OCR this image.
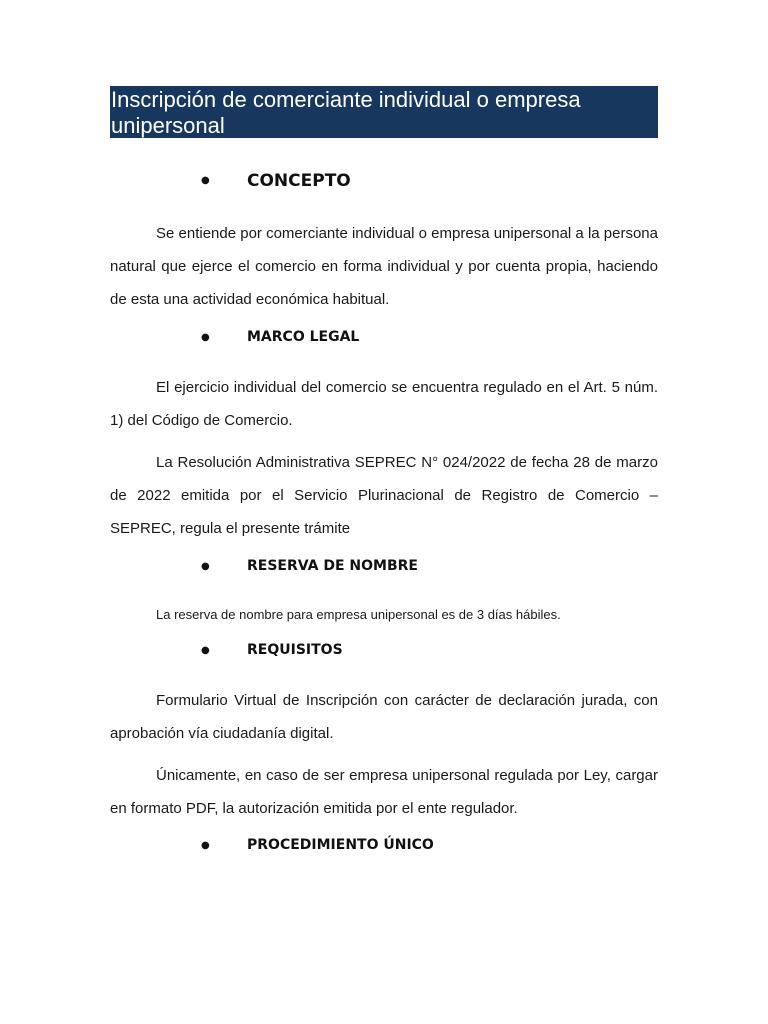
Inscripción de comerciante individual o empresa unipersonal
● CONCEPTO

Se entiende por comerciante individual o empresa unipersonal a la persona natural que ejerce el comercio en forma individual y por cuenta propia, haciendo de esta una actividad económica habitual.

●	MARCO LEGAL

El ejercicio individual del comercio se encuentra regulado en el Art. 5 núm. 1) del Código de Comercio.

La Resolución Administrativa SEPREC N° 024/2022 de fecha 28 de marzo de 2022 emitida por el Servicio Plurinacional de Registro de Comercio – SEPREC, regula el presente trámite

●	RESERVA DE NOMBRE

La reserva de nombre para empresa unipersonal es de 3 días hábiles.

●	REQUISITOS

Formulario Virtual de Inscripción con carácter de declaración jurada, con aprobación vía ciudadanía digital.

Únicamente, en caso de ser empresa unipersonal regulada por Ley, cargar en formato PDF, la autorización emitida por el ente regulador.

●	PROCEDIMIENTO ÚNICO
